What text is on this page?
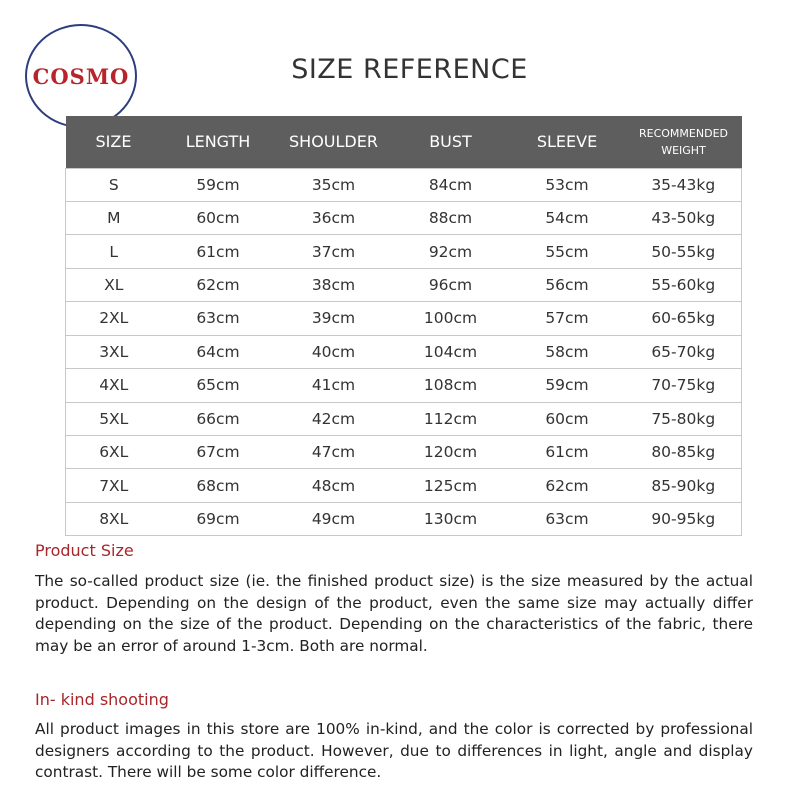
COSMO	SIZE REFERENCE
SIZE	LENGTH	SHOULDER	BUST	SLEEVE	RECOMMENDED WEIGHT
S	59cm	35cm	84cm	53cm	35-43kg
M	60cm	36cm	88cm	54cm	43-50kg
L	61cm	37cm	92cm	55cm	50-55kg
XL	62cm	38cm	96cm	56cm	55-60kg
2XL	63cm	39cm	100cm	57cm	60-65kg
3XL	64cm	40cm	104cm	58cm	65-70kg
4XL	65cm	41cm	108cm	59cm	70-75kg
5XL	66cm	42cm	112cm	60cm	75-80kg
6XL	67cm	47cm	120cm	61cm	80-85kg
7XL	68cm	48cm	125cm	62cm	85-90kg
8XL	69cm	49cm	130cm	63cm	90-95kg
Product Size
The so-called product size (ie. the finished product size) is the size measured by the actual product. Depending on the design of the product, even the same size may actually differ depending on the size of the product. Depending on the characteristics of the fabric, there may be an error of around 1-3cm. Both are normal.
In- kind shooting
All product images in this store are 100% in-kind, and the color is corrected by professional designers according to the product. However, due to differences in light, angle and display contrast. There will be some color difference.
